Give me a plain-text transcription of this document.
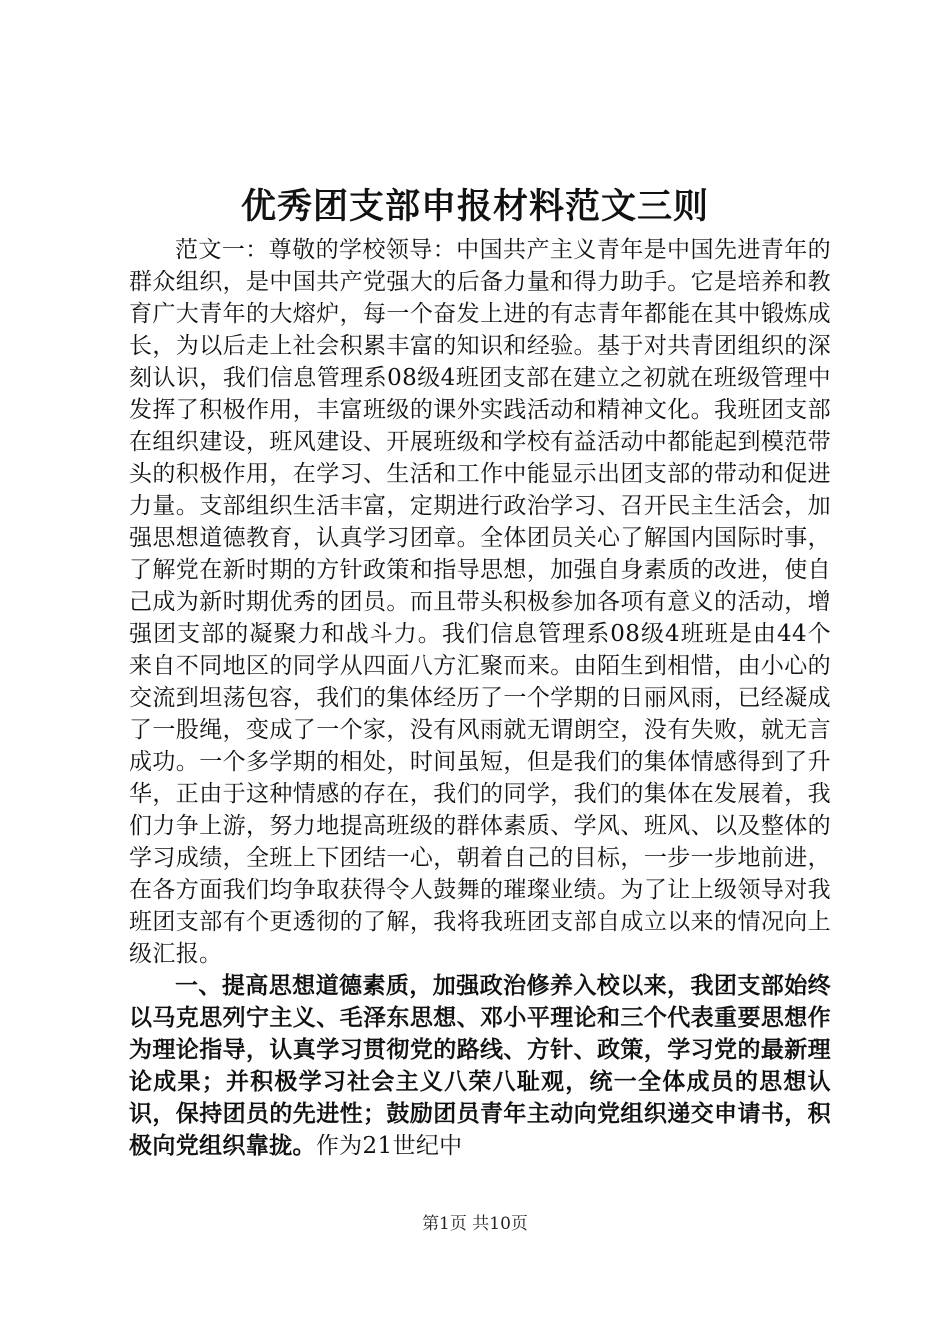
优秀团支部申报材料范文三则

范文一：尊敬的学校领导：中国共产主义青年是中国先进青年的群众组织，是中国共产党强大的后备力量和得力助手。它是培养和教育广大青年的大熔炉，每一个奋发上进的有志青年都能在其中锻炼成长，为以后走上社会积累丰富的知识和经验。基于对共青团组织的深刻认识，我们信息管理系08级4班团支部在建立之初就在班级管理中发挥了积极作用，丰富班级的课外实践活动和精神文化。我班团支部在组织建设，班风建设、开展班级和学校有益活动中都能起到模范带头的积极作用，在学习、生活和工作中能显示出团支部的带动和促进力量。支部组织生活丰富，定期进行政治学习、召开民主生活会，加强思想道德教育，认真学习团章。全体团员关心了解国内国际时事，了解党在新时期的方针政策和指导思想，加强自身素质的改进，使自己成为新时期优秀的团员。而且带头积极参加各项有意义的活动，增强团支部的凝聚力和战斗力。我们信息管理系08级4班班是由44个来自不同地区的同学从四面八方汇聚而来。由陌生到相惜，由小心的交流到坦荡包容，我们的集体经历了一个学期的日丽风雨，已经凝成了一股绳，变成了一个家，没有风雨就无谓朗空，没有失败，就无言成功。一个多学期的相处，时间虽短，但是我们的集体情感得到了升华，正由于这种情感的存在，我们的同学，我们的集体在发展着，我们力争上游，努力地提高班级的群体素质、学风、班风、以及整体的学习成绩，全班上下团结一心，朝着自己的目标，一步一步地前进，在各方面我们均争取获得令人鼓舞的璀璨业绩。为了让上级领导对我班团支部有个更透彻的了解，我将我班团支部自成立以来的情况向上级汇报。

一、提高思想道德素质，加强政治修养入校以来，我团支部始终以马克思列宁主义、毛泽东思想、邓小平理论和三个代表重要思想作为理论指导，认真学习贯彻党的路线、方针、政策，学习党的最新理论成果；并积极学习社会主义八荣八耻观，统一全体成员的思想认识，保持团员的先进性；鼓励团员青年主动向党组织递交申请书，积极向党组织靠拢。作为21世纪中

第1页 共10页
